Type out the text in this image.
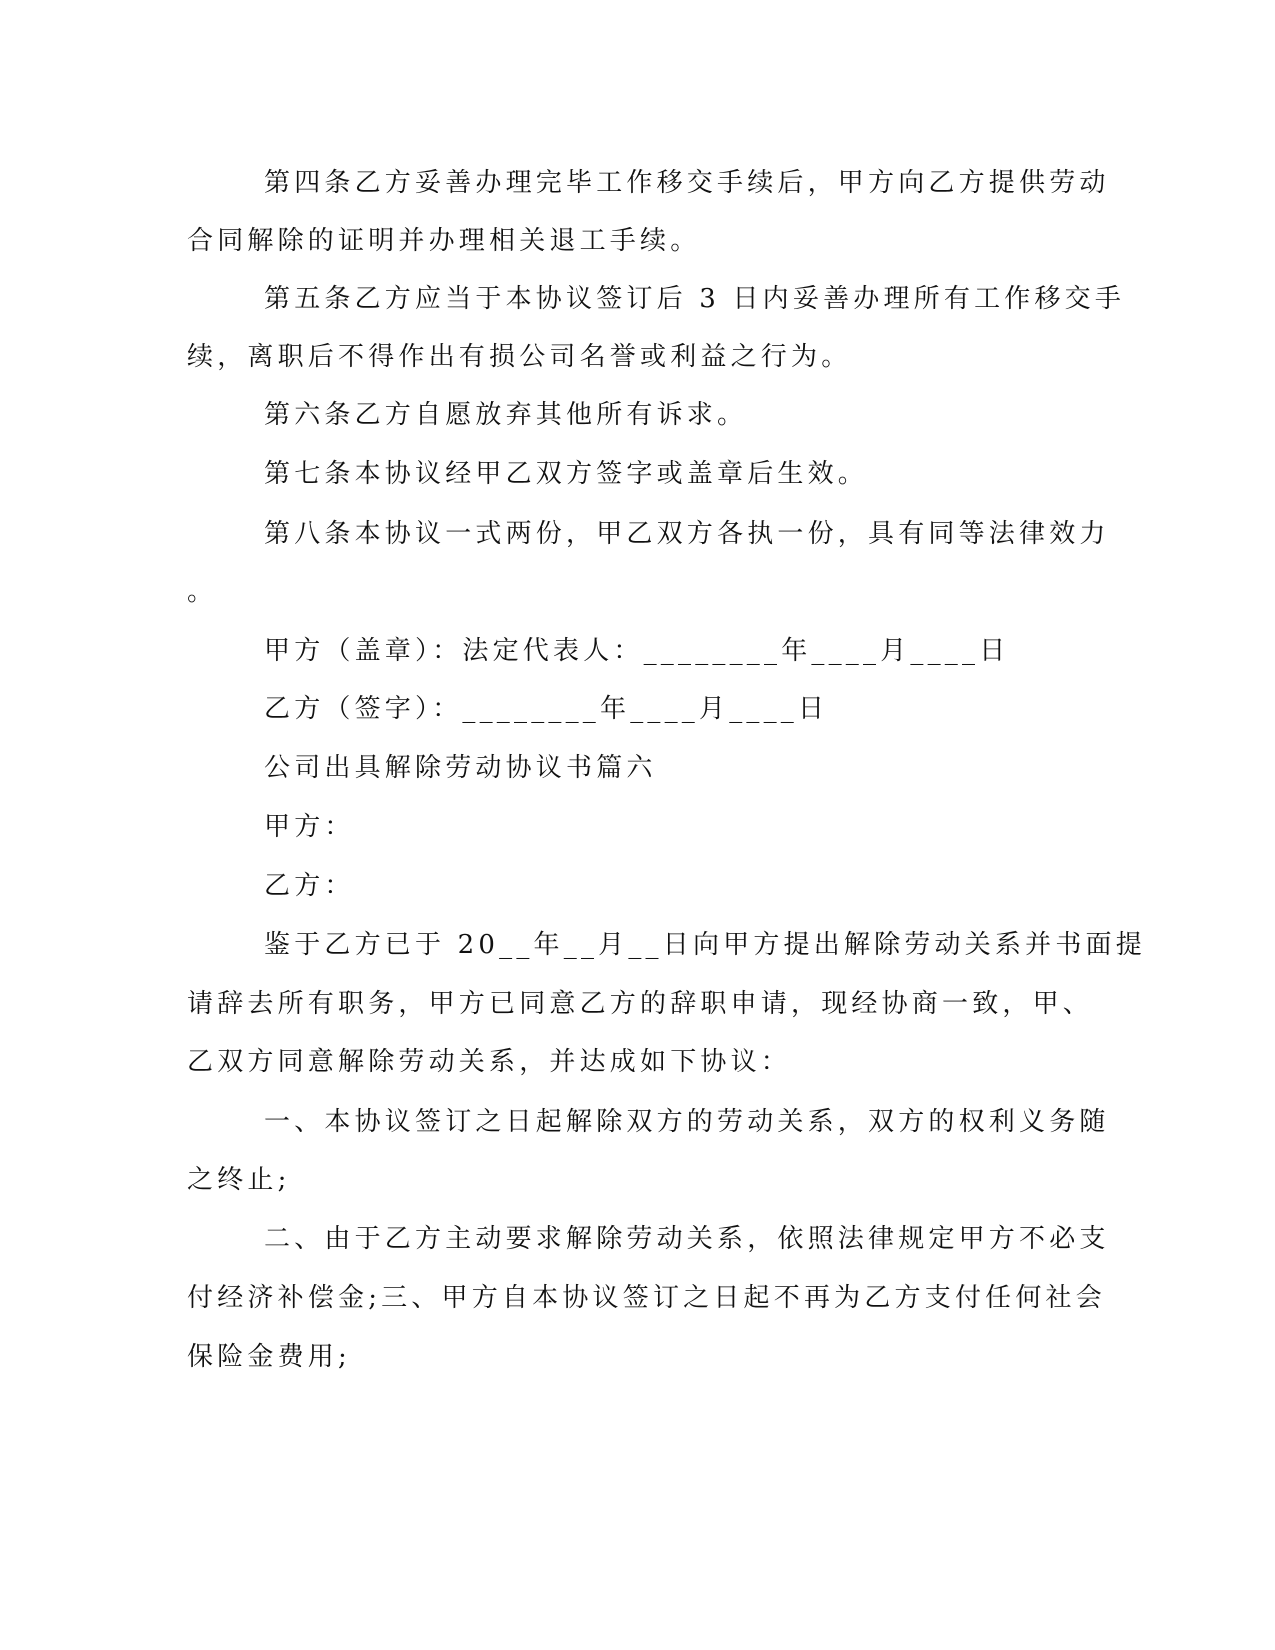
第四条乙方妥善办理完毕工作移交手续后，甲方向乙方提供劳动
合同解除的证明并办理相关退工手续。
第五条乙方应当于本协议签订后 3 日内妥善办理所有工作移交手
续，离职后不得作出有损公司名誉或利益之行为。
第六条乙方自愿放弃其他所有诉求。
第七条本协议经甲乙双方签字或盖章后生效。
第八条本协议一式两份，甲乙双方各执一份，具有同等法律效力
。
甲方（盖章）：法定代表人：________年____月____日
乙方（签字）：________年____月____日
公司出具解除劳动协议书篇六
甲方：
乙方：
鉴于乙方已于 20__年__月__日向甲方提出解除劳动关系并书面提
请辞去所有职务，甲方已同意乙方的辞职申请，现经协商一致，甲、
乙双方同意解除劳动关系，并达成如下协议：
一、本协议签订之日起解除双方的劳动关系，双方的权利义务随
之终止;
二、由于乙方主动要求解除劳动关系，依照法律规定甲方不必支
付经济补偿金;三、甲方自本协议签订之日起不再为乙方支付任何社会
保险金费用;
